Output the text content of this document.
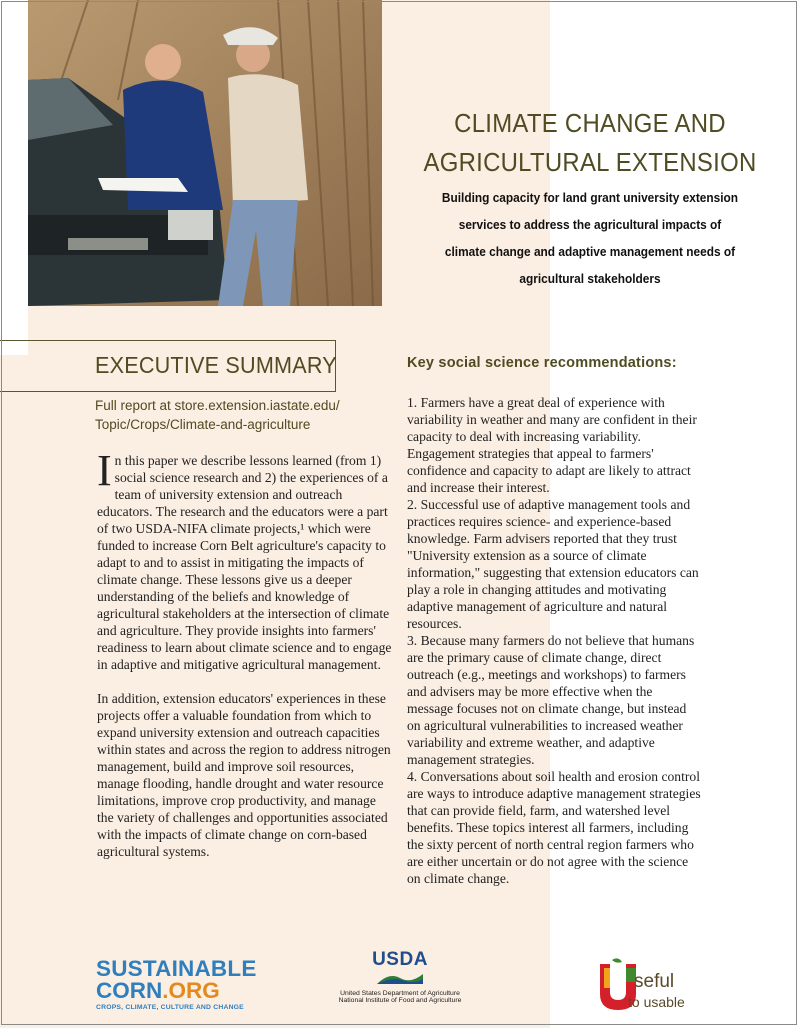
CLIMATE CHANGE AND
AGRICULTURAL EXTENSION
Building capacity for land grant university extension
services to address the agricultural impacts of
climate change and adaptive management needs of
agricultural stakeholders
EXECUTIVE SUMMARY
Full report at store.extension.iastate.edu/
Topic/Crops/Climate-and-agriculture

In this paper we describe lessons learned (from 1) social science research and 2) the experiences of a team of university extension and outreach educators. The research and the educators were a part of two USDA-NIFA climate projects,¹ which were funded to increase Corn Belt agriculture's capacity to adapt to and to assist in mitigating the impacts of climate change. These lessons give us a deeper understanding of the beliefs and knowledge of agricultural stakeholders at the intersection of climate and agriculture. They provide insights into farmers' readiness to learn about climate science and to engage in adaptive and mitigative agricultural management.

In addition, extension educators' experiences in these projects offer a valuable foundation from which to expand university extension and outreach capacities within states and across the region to address nitrogen management, build and improve soil resources, manage flooding, handle drought and water resource limitations, improve crop productivity, and manage the variety of challenges and opportunities associated with the impacts of climate change on corn-based agricultural systems.

Key social science recommendations:

1. Farmers have a great deal of experience with variability in weather and many are confident in their capacity to deal with increasing variability. Engagement strategies that appeal to farmers' confidence and capacity to adapt are likely to attract and increase their interest.

2. Successful use of adaptive management tools and practices requires science- and experience-based knowledge. Farm advisers reported that they trust "University extension as a source of climate information," suggesting that extension educators can play a role in changing attitudes and motivating adaptive management of agriculture and natural resources.

3. Because many farmers do not believe that humans are the primary cause of climate change, direct outreach (e.g., meetings and workshops) to farmers and advisers may be more effective when the message focuses not on climate change, but instead on agricultural vulnerabilities to increased weather variability and extreme weather, and adaptive management strategies.

4. Conversations about soil health and erosion control are ways to introduce adaptive management strategies that can provide field, farm, and watershed level benefits. These topics interest all farmers, including the sixty percent of north central region farmers who are either uncertain or do not agree with the science on climate change.

SUSTAINABLE
CORN.ORG
CROPS, CLIMATE, CULTURE AND CHANGE
USDA
United States Department of Agriculture
National Institute of Food and Agriculture
seful
to usable
